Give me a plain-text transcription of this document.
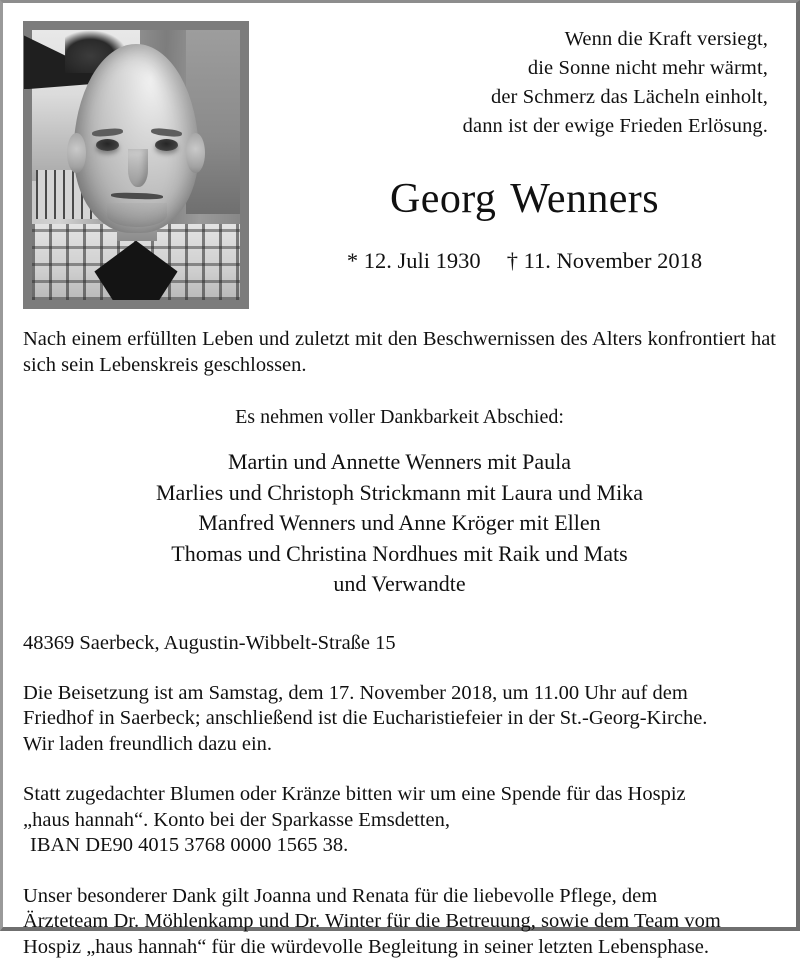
Wenn die Kraft versiegt,
die Sonne nicht mehr wärmt,
der Schmerz das Lächeln einholt,
dann ist der ewige Frieden Erlösung.
Georg Wenners
* 12. Juli 1930 † 11. November 2018
Nach einem erfüllten Leben und zuletzt mit den Beschwernissen des Alters konfrontiert hat sich sein Lebenskreis geschlossen.
Es nehmen voller Dankbarkeit Abschied:
Martin und Annette Wenners mit Paula
Marlies und Christoph Strickmann mit Laura und Mika
Manfred Wenners und Anne Kröger mit Ellen
Thomas und Christina Nordhues mit Raik und Mats
und Verwandte
48369 Saerbeck, Augustin-Wibbelt-Straße 15
Die Beisetzung ist am Samstag, dem 17. November 2018, um 11.00 Uhr auf dem
Friedhof in Saerbeck; anschließend ist die Eucharistiefeier in der St.-Georg-Kirche.
Wir laden freundlich dazu ein.
Statt zugedachter Blumen oder Kränze bitten wir um eine Spende für das Hospiz
„haus hannah“. Konto bei der Sparkasse Emsdetten,
IBAN DE90 4015 3768 0000 1565 38.
Unser besonderer Dank gilt Joanna und Renata für die liebevolle Pflege, dem
Ärzteteam Dr. Möhlenkamp und Dr. Winter für die Betreuung, sowie dem Team vom
Hospiz „haus hannah“ für die würdevolle Begleitung in seiner letzten Lebensphase.
